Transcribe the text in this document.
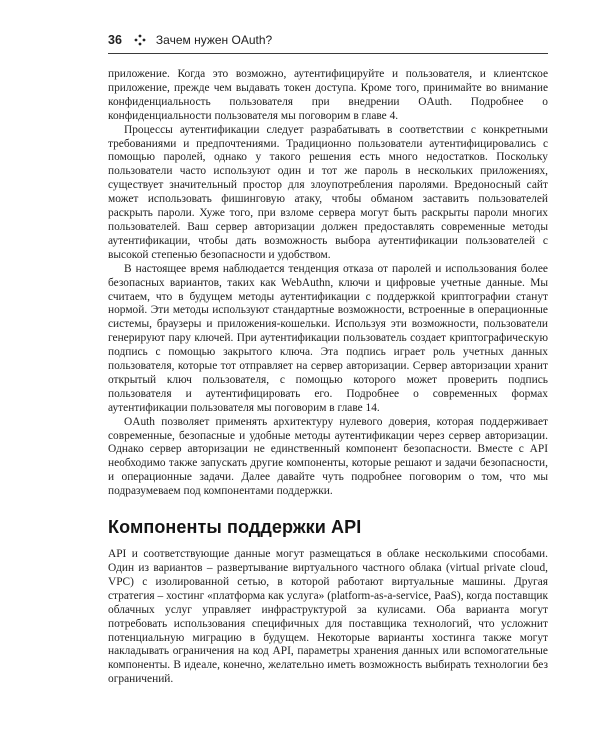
36	Зачем нужен OAuth?

приложение. Когда это возможно, аутентифицируйте и пользователя, и клиентское приложение, прежде чем выдавать токен доступа. Кроме того, принимайте во внимание конфиденциальность пользователя при внедрении OAuth. Подробнее о конфиденциальности пользователя мы поговорим в главе 4.

Процессы аутентификации следует разрабатывать в соответствии с конкретными требованиями и предпочтениями. Традиционно пользователи аутентифицировались с помощью паролей, однако у такого решения есть много недостатков. Поскольку пользователи часто используют один и тот же пароль в нескольких приложениях, существует значительный простор для злоупотребления паролями. Вредоносный сайт может использовать фишинговую атаку, чтобы обманом заставить пользователей раскрыть пароли. Хуже того, при взломе сервера могут быть раскрыты пароли многих пользователей. Ваш сервер авторизации должен предоставлять современные методы аутентификации, чтобы дать возможность выбора аутентификации пользователей с высокой степенью безопасности и удобством.

В настоящее время наблюдается тенденция отказа от паролей и использования более безопасных вариантов, таких как WebAuthn, ключи и цифровые учетные данные. Мы считаем, что в будущем методы аутентификации с поддержкой криптографии станут нормой. Эти методы используют стандартные возможности, встроенные в операционные системы, браузеры и приложения-кошельки. Используя эти возможности, пользователи генерируют пару ключей. При аутентификации пользователь создает криптографическую подпись с помощью закрытого ключа. Эта подпись играет роль учетных данных пользователя, которые тот отправляет на сервер авторизации. Сервер авторизации хранит открытый ключ пользователя, с помощью которого может проверить подпись пользователя и аутентифицировать его. Подробнее о современных формах аутентификации пользователя мы поговорим в главе 14.

OAuth позволяет применять архитектуру нулевого доверия, которая поддерживает современные, безопасные и удобные методы аутентификации через сервер авторизации. Однако сервер авторизации не единственный компонент безопасности. Вместе с API необходимо также запускать другие компоненты, которые решают и задачи безопасности, и операционные задачи. Далее давайте чуть подробнее поговорим о том, что мы подразумеваем под компонентами поддержки.

Компоненты поддержки API

API и соответствующие данные могут размещаться в облаке несколькими способами. Один из вариантов – развертывание виртуального частного облака (virtual private cloud, VPC) с изолированной сетью, в которой работают виртуальные машины. Другая стратегия – хостинг «платформа как услуга» (platform-as-a-service, PaaS), когда поставщик облачных услуг управляет инфраструктурой за кулисами. Оба варианта могут потребовать использования специфичных для поставщика технологий, что усложнит потенциальную миграцию в будущем. Некоторые варианты хостинга также могут накладывать ограничения на код API, параметры хранения данных или вспомогательные компоненты. В идеале, конечно, желательно иметь возможность выбирать технологии без ограничений.
